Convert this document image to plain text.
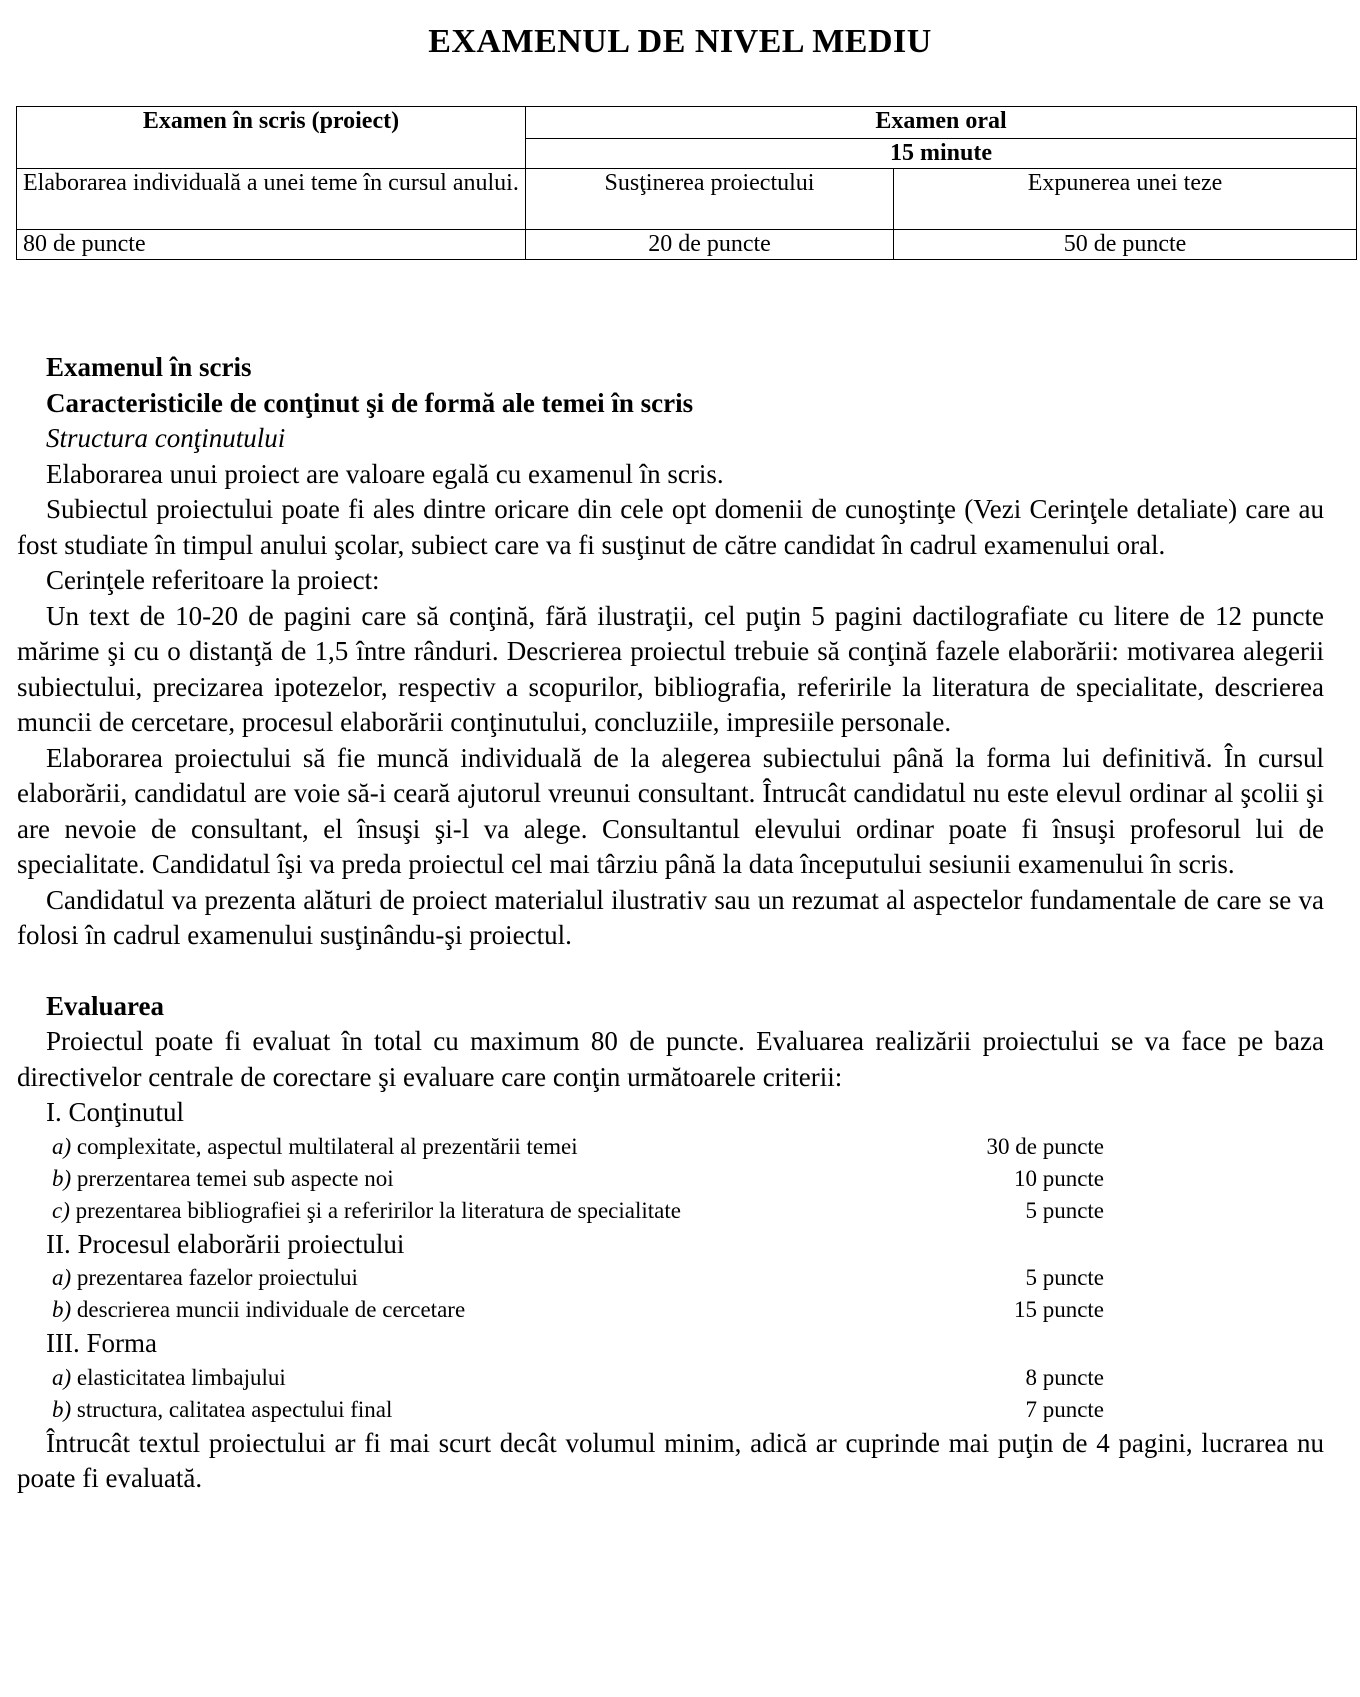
EXAMENUL DE NIVEL MEDIU
Examen în scris (proiect)	Examen oral	
	15 minute	
Elaborarea individuală a unei teme în cursul anului.	Susţinerea proiectului	Expunerea unei teze
80 de puncte	20 de puncte	50 de puncte

Examenul în scris

Caracteristicile de conţinut şi de formă ale temei în scris

Structura conţinutului

Elaborarea unui proiect are valoare egală cu examenul în scris.

Subiectul proiectului poate fi ales dintre oricare din cele opt domenii de cunoştinţe (Vezi Cerinţele detaliate) care au fost studiate în timpul anului şcolar, subiect care va fi susţinut de către candidat în cadrul examenului oral.

Cerinţele referitoare la proiect:

Un text de 10-20 de pagini care să conţină, fără ilustraţii, cel puţin 5 pagini dactilografiate cu litere de 12 puncte mărime şi cu o distanţă de 1,5 între rânduri. Descrierea proiectul trebuie să conţină fazele elaborării: motivarea alegerii subiectului, precizarea ipotezelor, respectiv a scopurilor, bibliografia, referirile la literatura de specialitate, descrierea muncii de cercetare, procesul elaborării conţinutului, concluziile, impresiile personale.

Elaborarea proiectului să fie muncă individuală de la alegerea subiectului până la forma lui definitivă. În cursul elaborării, candidatul are voie să-i ceară ajutorul vreunui consultant. Întrucât candidatul nu este elevul ordinar al şcolii şi are nevoie de consultant, el însuşi şi-l va alege. Consultantul elevului ordinar poate fi însuşi profesorul lui de specialitate. Candidatul îşi va preda proiectul cel mai târziu până la data începutului sesiunii examenului în scris.

Candidatul va prezenta alături de proiect materialul ilustrativ sau un rezumat al aspectelor fundamentale de care se va folosi în cadrul examenului susţinându-şi proiectul.

Evaluarea

Proiectul poate fi evaluat în total cu maximum 80 de puncte. Evaluarea realizării proiectului se va face pe baza directivelor centrale de corectare şi evaluare care conţin următoarele criterii:

I. Conţinutul

a) complexitate, aspectul multilateral al prezentării temei	30 de puncte
b) prerzentarea temei sub aspecte noi	10 puncte
c) prezentarea bibliografiei şi a referirilor la literatura de specialitate	5 puncte

II. Procesul elaborării proiectului

a) prezentarea fazelor proiectului	5 puncte
b) descrierea muncii individuale de cercetare	15 puncte

III. Forma

a) elasticitatea limbajului	8 puncte
b) structura, calitatea aspectului final	7 puncte

Întrucât textul proiectului ar fi mai scurt decât volumul minim, adică ar cuprinde mai puţin de 4 pagini, lucrarea nu poate fi evaluată.
